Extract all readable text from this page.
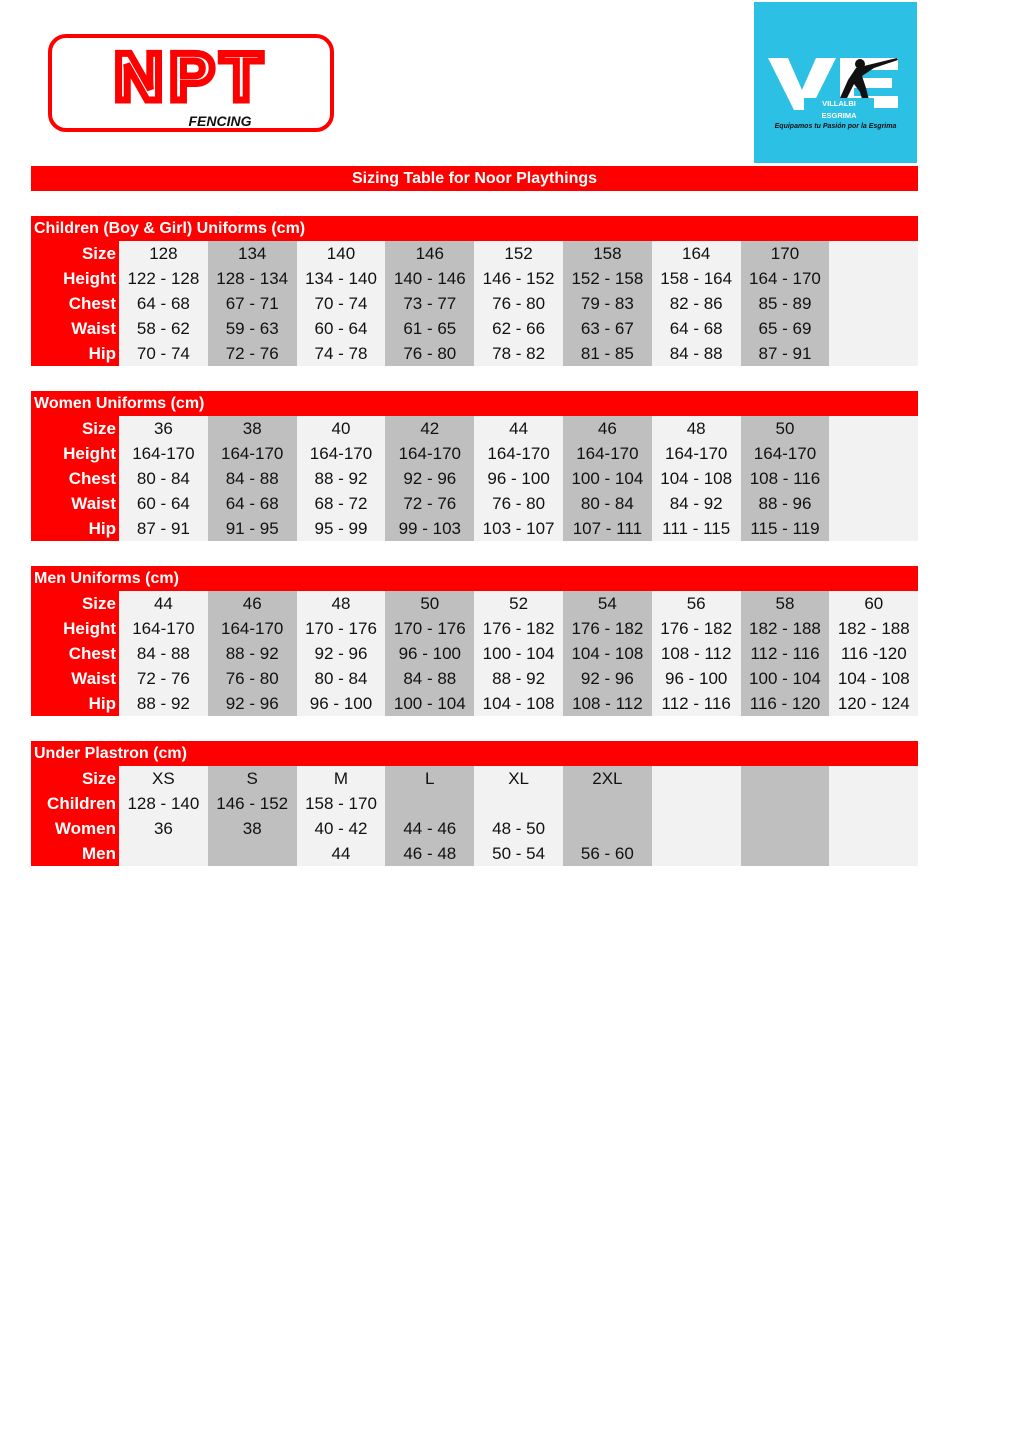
NPT
FENCING
VILLALBI ESGRIMA
Equipamos tu Pasión por la Esgrima
Sizing Table for Noor Playthings
Children (Boy & Girl) Uniforms (cm)
Size	128	134	140	146	152	158	164	170	
Height	122 - 128	128 - 134	134 - 140	140 - 146	146 - 152	152 - 158	158 - 164	164 - 170	
Chest	64 - 68	67 - 71	70 - 74	73 - 77	76 - 80	79 - 83	82 - 86	85 - 89	
Waist	58 - 62	59 - 63	60 - 64	61 - 65	62 - 66	63 - 67	64 - 68	65 - 69	
Hip	70 - 74	72 - 76	74 - 78	76 - 80	78 - 82	81 - 85	84 - 88	87 - 91	
Women Uniforms (cm)
Size	36	38	40	42	44	46	48	50	
Height	164-170	164-170	164-170	164-170	164-170	164-170	164-170	164-170	
Chest	80 - 84	84 - 88	88 - 92	92 - 96	96 - 100	100 - 104	104 - 108	108 - 116	
Waist	60 - 64	64 - 68	68 - 72	72 - 76	76 - 80	80 - 84	84 - 92	88 - 96	
Hip	87 - 91	91 - 95	95 - 99	99 - 103	103 - 107	107 - 111	111 - 115	115 - 119	
Men Uniforms (cm)
Size	44	46	48	50	52	54	56	58	60
Height	164-170	164-170	170 - 176	170 - 176	176 - 182	176 - 182	176 - 182	182 - 188	182 - 188
Chest	84 - 88	88 - 92	92 - 96	96 - 100	100 - 104	104 - 108	108 - 112	112 - 116	116 -120
Waist	72 - 76	76 - 80	80 - 84	84 - 88	88 - 92	92 - 96	96 - 100	100 - 104	104 - 108
Hip	88 - 92	92 - 96	96 - 100	100 - 104	104 - 108	108 - 112	112 - 116	116 - 120	120 - 124
Under Plastron (cm)
Size	XS	S	M	L	XL	2XL			
Children	128 - 140	146 - 152	158 - 170						
Women	36	38	40 - 42	44 - 46	48 - 50				
Men			44	46 - 48	50 - 54	56 - 60			
